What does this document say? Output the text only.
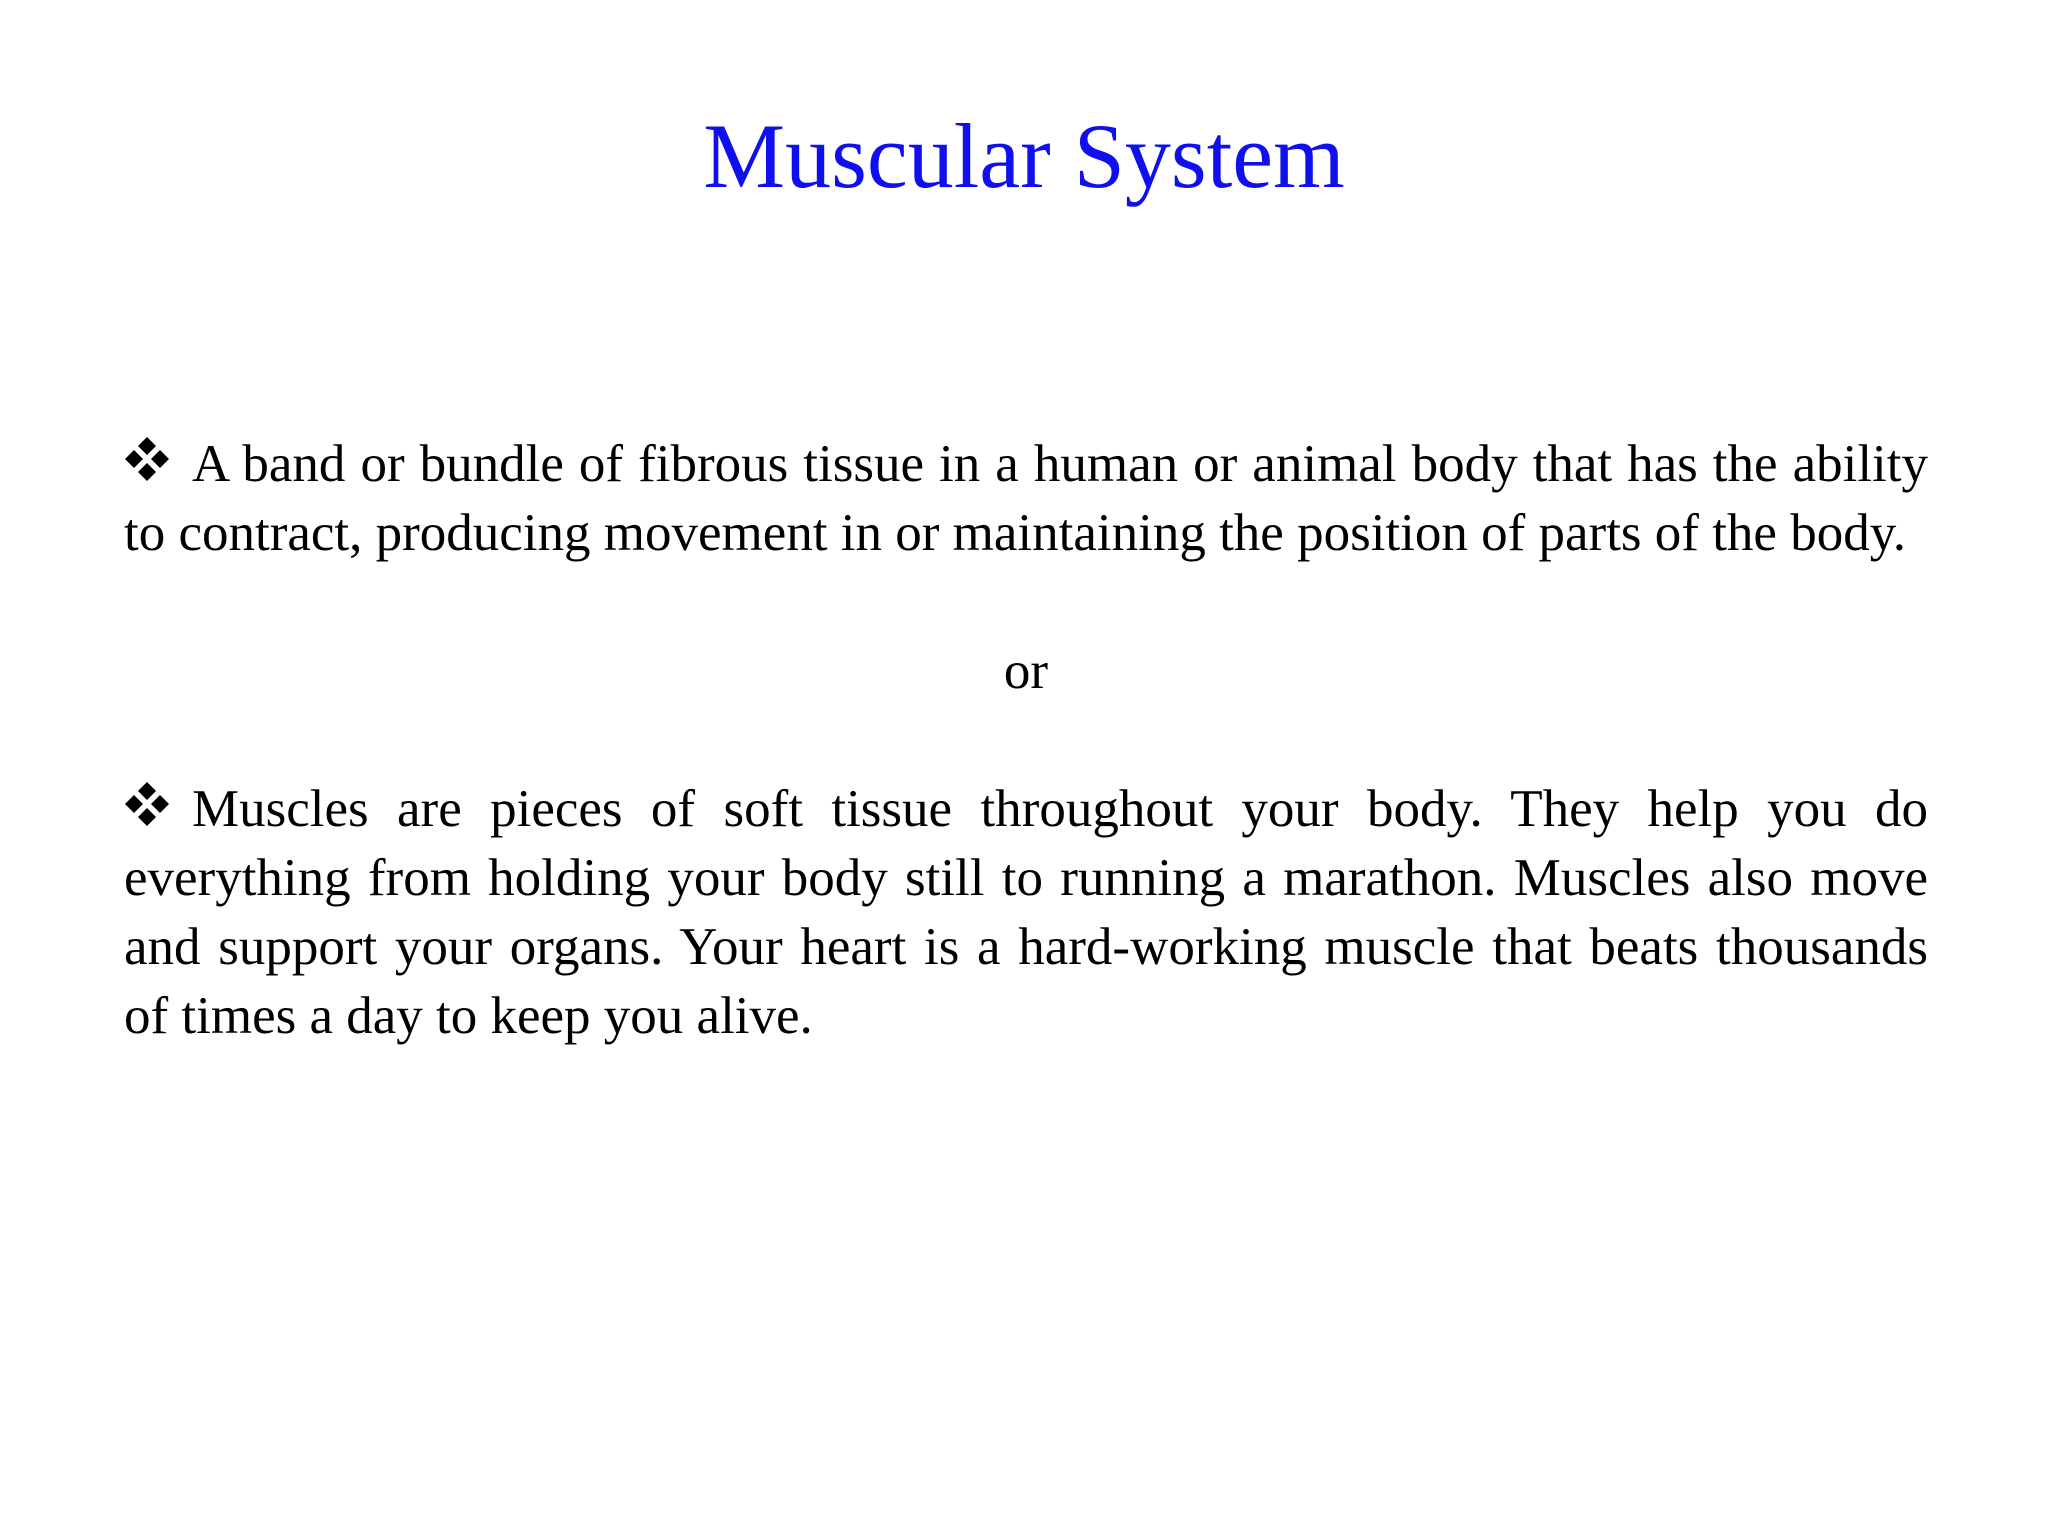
Muscular System

A band or bundle of fibrous tissue in a human or animal body that has the ability to contract, producing movement in or maintaining the position of parts of the body.

or

Muscles are pieces of soft tissue throughout your body. They help you do everything from holding your body still to running a marathon. Muscles also move and support your organs. Your heart is a hard-working muscle that beats thousands of times a day to keep you alive.
